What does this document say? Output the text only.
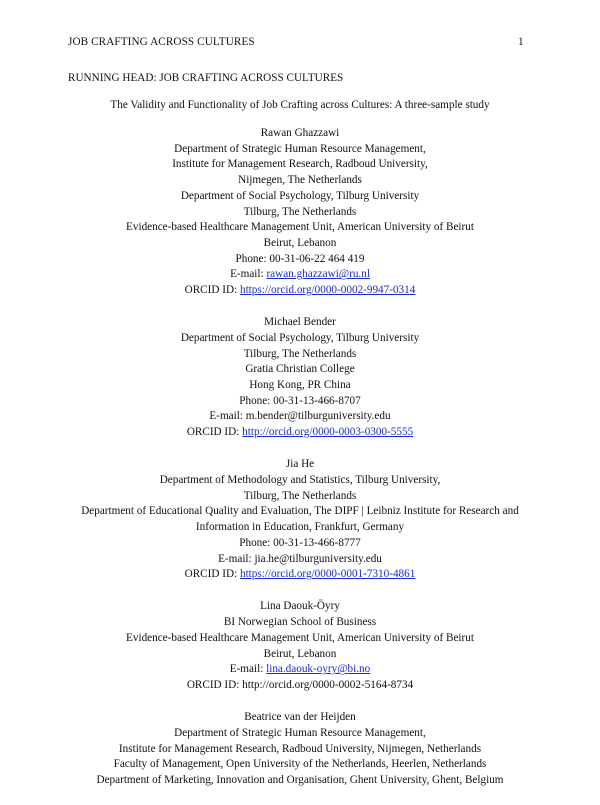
JOB CRAFTING ACROSS CULTURES	1
RUNNING HEAD: JOB CRAFTING ACROSS CULTURES
The Validity and Functionality of Job Crafting across Cultures: A three-sample study
Rawan Ghazzawi
Department of Strategic Human Resource Management,
Institute for Management Research, Radboud University,
Nijmegen, The Netherlands
Department of Social Psychology, Tilburg University
Tilburg, The Netherlands
Evidence-based Healthcare Management Unit, American University of Beirut
Beirut, Lebanon
Phone: 00-31-06-22 464 419
E-mail: rawan.ghazzawi@ru.nl
ORCID ID: https://orcid.org/0000-0002-9947-0314
Michael Bender
Department of Social Psychology, Tilburg University
Tilburg, The Netherlands
Gratia Christian College
Hong Kong, PR China
Phone: 00-31-13-466-8707
E-mail: m.bender@tilburguniversity.edu
ORCID ID: http://orcid.org/0000-0003-0300-5555
Jia He
Department of Methodology and Statistics, Tilburg University,
Tilburg, The Netherlands
Department of Educational Quality and Evaluation, The DIPF | Leibniz Institute for Research and
Information in Education, Frankfurt, Germany
Phone: 00-31-13-466-8777
E-mail: jia.he@tilburguniversity.edu
ORCID ID: https://orcid.org/0000-0001-7310-4861
Lina Daouk-Öyry
BI Norwegian School of Business
Evidence-based Healthcare Management Unit, American University of Beirut
Beirut, Lebanon
E-mail: lina.daouk-oyry@bi.no
ORCID ID: http://orcid.org/0000-0002-5164-8734
Beatrice van der Heijden
Department of Strategic Human Resource Management,
Institute for Management Research, Radboud University, Nijmegen, Netherlands
Faculty of Management, Open University of the Netherlands, Heerlen, Netherlands
Department of Marketing, Innovation and Organisation, Ghent University, Ghent, Belgium
